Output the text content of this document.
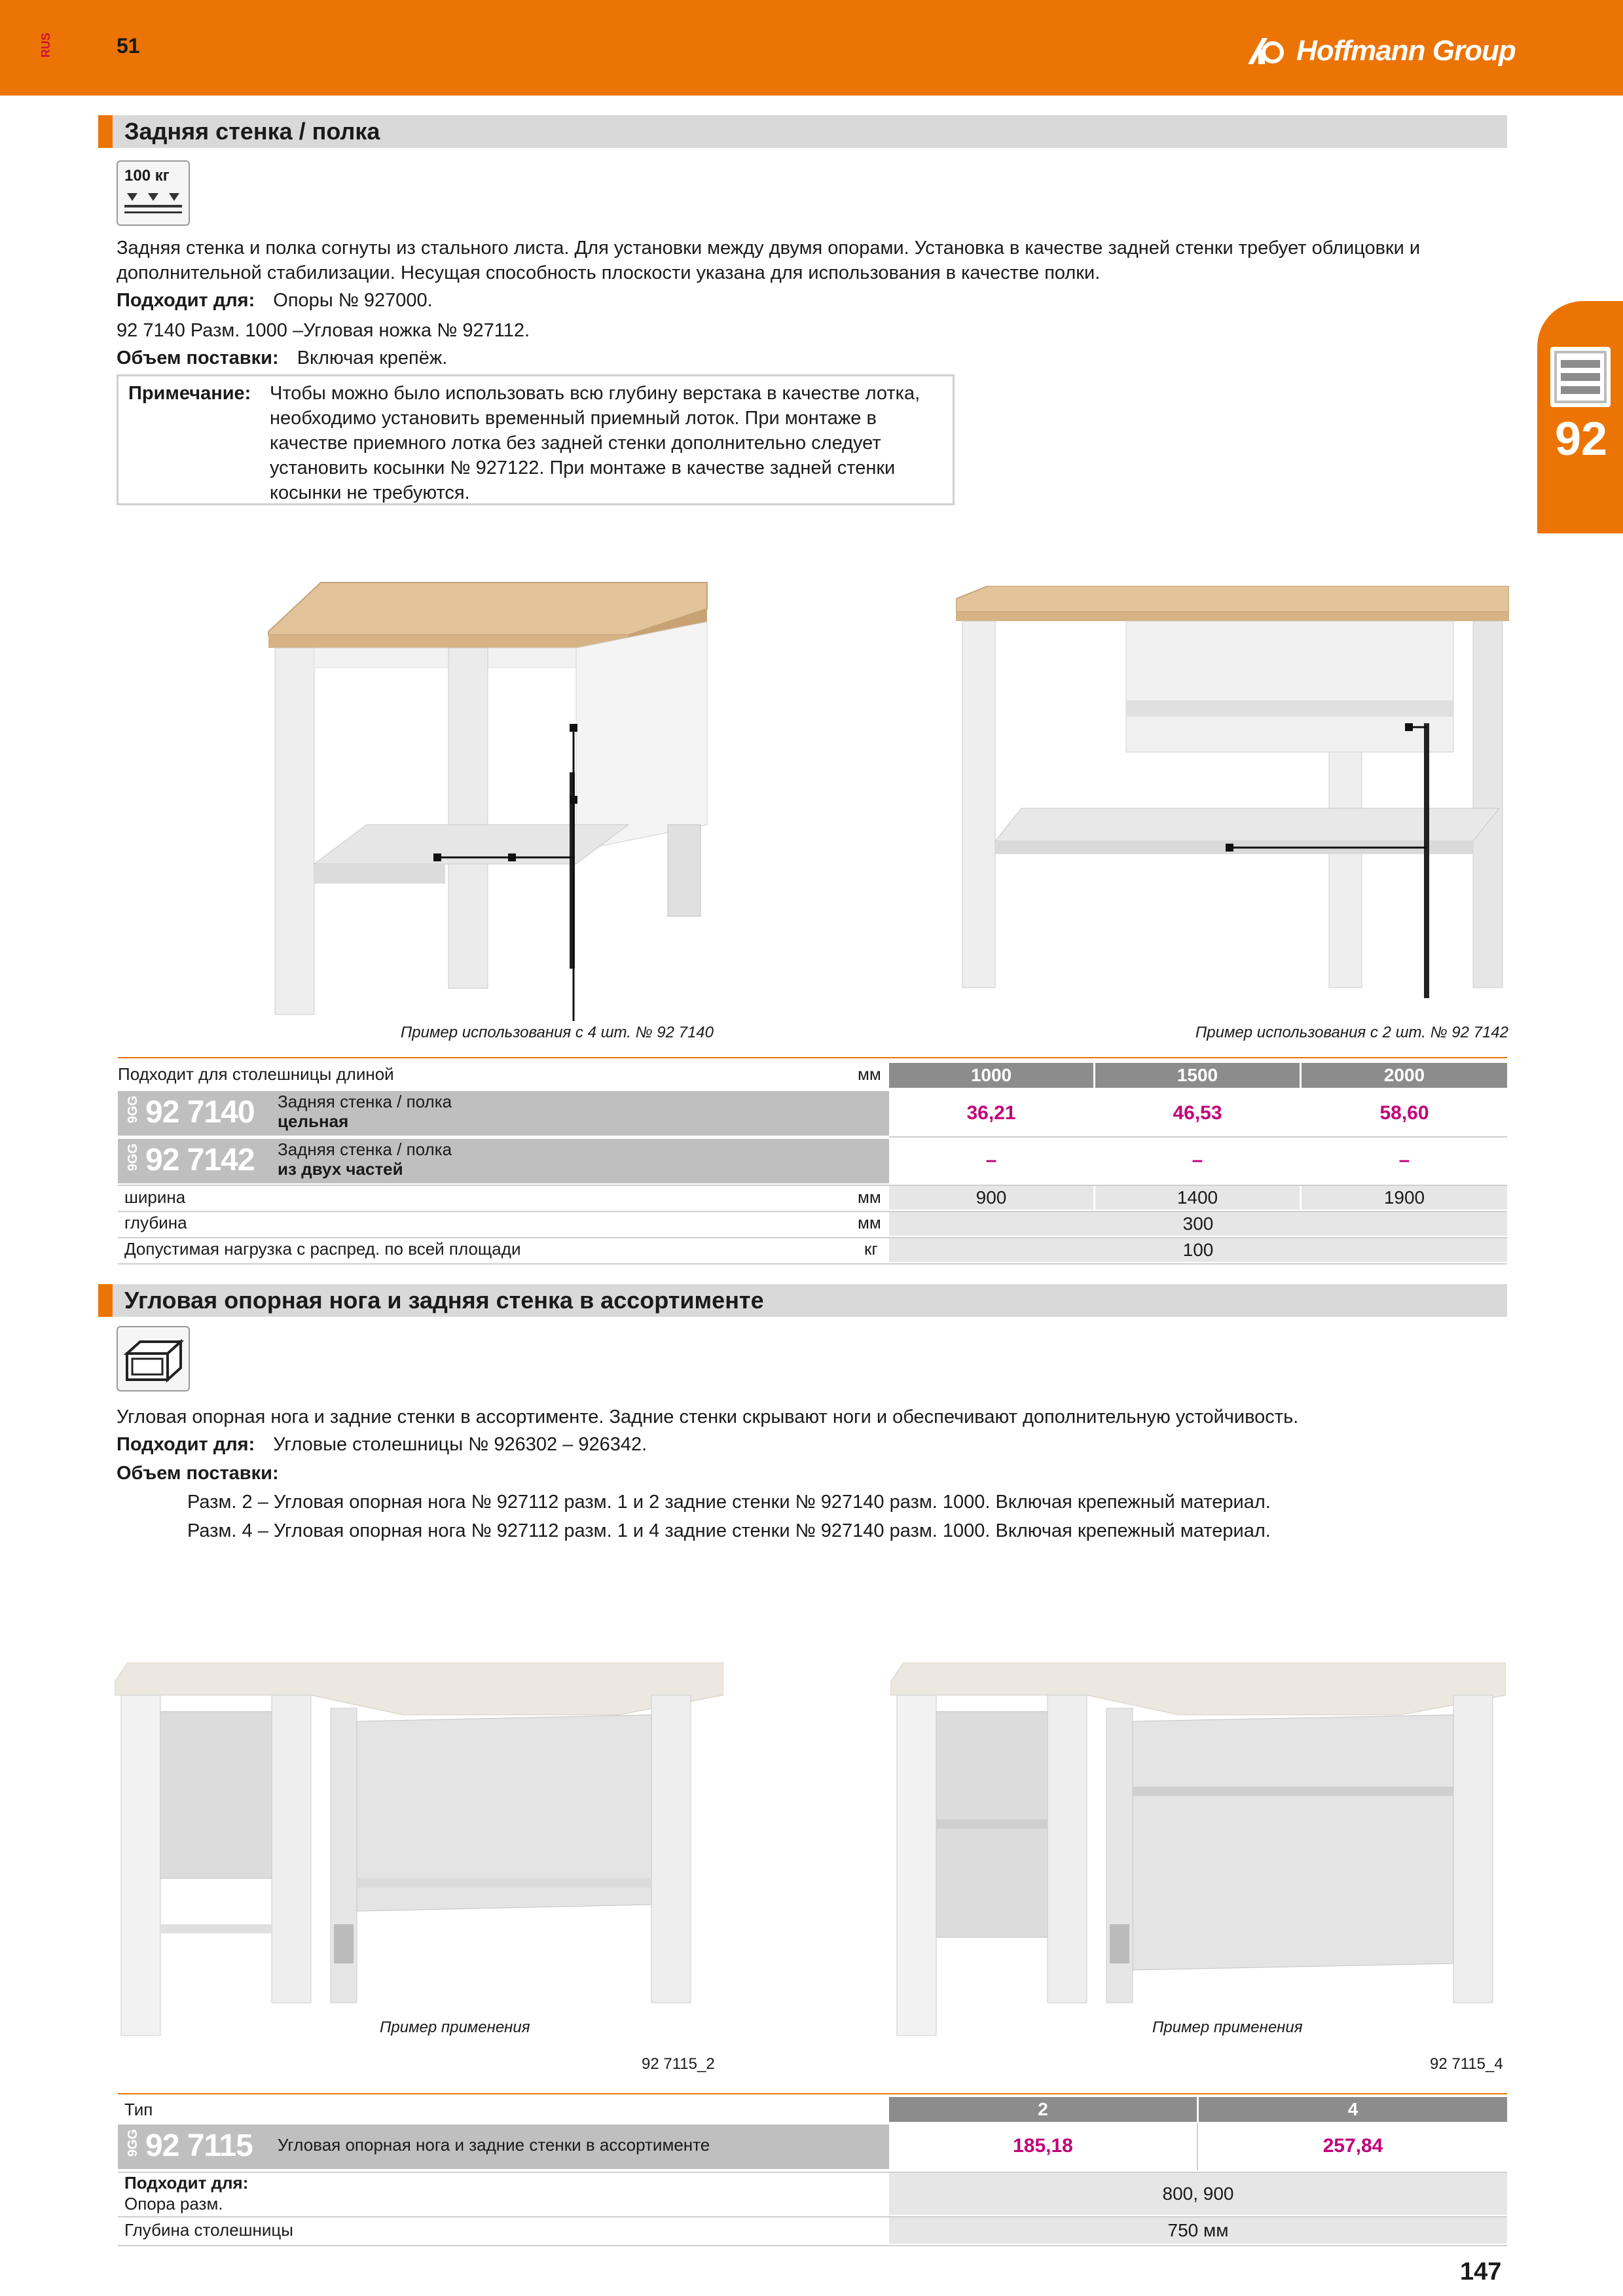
RUS	51	Hoffmann Group
92
Задняя стенка / полка
100 кг
Задняя стенка и полка согнуты из стального листа. Для установки между двумя опорами. Установка в качестве задней стенки требует облицовки и дополнительной стабилизации. Несущая способность плоскости указана для использования в качестве полки.
Подходит для: Опоры № 927000.
92 7140 Разм. 1000 –Угловая ножка № 927112.
Объем поставки: Включая крепёж.
Примечание: Чтобы можно было использовать всю глубину верстака в качестве лотка,
необходимо установить временный приемный лоток. При монтаже в
качестве приемного лотка без задней стенки дополнительно следует
установить косынки № 927122. При монтаже в качестве задней стенки
косынки не требуются.
Пример использования с 4 шт. № 92 7140	Пример использования с 2 шт. № 92 7142
Подходит для столешницы длиной	мм	1000	1500	2000
9GG 92 7140 Задняя стенка / полка
цельная	36,21	46,53	58,60
9GG 92 7142 Задняя стенка / полка
из двух частей	–	–	–
ширина	мм	900	1400	1900
глубина	мм	300
Допустимая нагрузка с распред. по всей площади	кг	100
Угловая опорная нога и задняя стенка в ассортименте
Угловая опорная нога и задние стенки в ассортименте. Задние стенки скрывают ноги и обеспечивают дополнительную устойчивость.
Подходит для: Угловые столешницы № 926302 – 926342.
Объем поставки:
Разм. 2 – Угловая опорная нога № 927112 разм. 1 и 2 задние стенки № 927140 разм. 1000. Включая крепежный материал.
Разм. 4 – Угловая опорная нога № 927112 разм. 1 и 4 задние стенки № 927140 разм. 1000. Включая крепежный материал.
Пример применения
92 7115_2
Пример применения
92 7115_4
Тип	2	4
9GG 92 7115 Угловая опорная нога и задние стенки в ассортименте	185,18	257,84
Подходит для:
Опора разм.	800, 900
Глубина столешницы	750 мм
147
